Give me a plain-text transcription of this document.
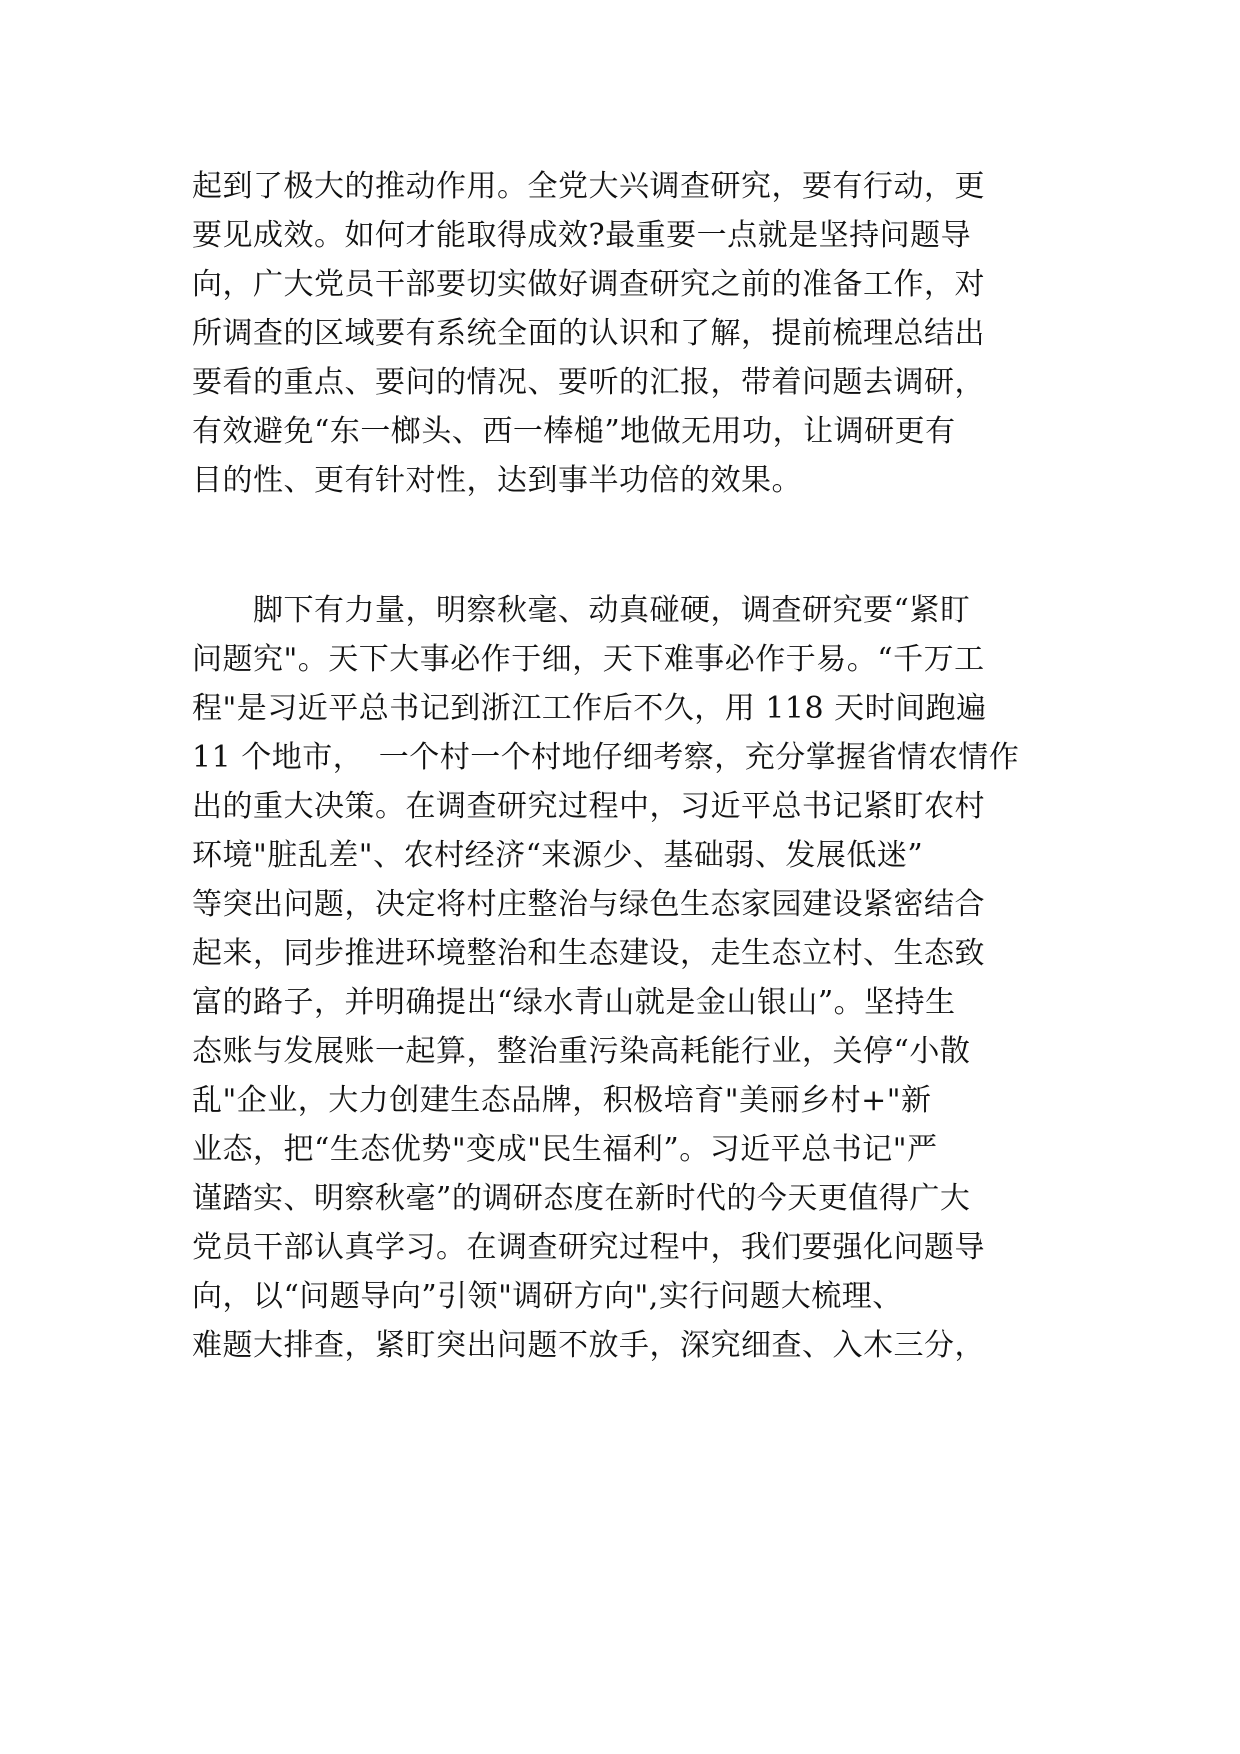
起到了极大的推动作用。全党大兴调查研究，要有行动，更
要见成效。如何才能取得成效?最重要一点就是坚持问题导
向，广大党员干部要切实做好调查研究之前的准备工作，对
所调查的区域要有系统全面的认识和了解，提前梳理总结出
要看的重点、要问的情况、要听的汇报，带着问题去调研，
有效避免“东一榔头、西一棒槌”地做无用功，让调研更有
目的性、更有针对性，达到事半功倍的效果。
　　脚下有力量，明察秋毫、动真碰硬，调查研究要“紧盯
问题究"。天下大事必作于细，天下难事必作于易。“千万工
程"是习近平总书记到浙江工作后不久，用 118 天时间跑遍
11 个地市，　一个村一个村地仔细考察，充分掌握省情农情作
出的重大决策。在调查研究过程中，习近平总书记紧盯农村
环境"脏乱差"、农村经济“来源少、基础弱、发展低迷”
等突出问题，决定将村庄整治与绿色生态家园建设紧密结合
起来，同步推进环境整治和生态建设，走生态立村、生态致
富的路子，并明确提出“绿水青山就是金山银山”。坚持生
态账与发展账一起算，整治重污染高耗能行业，关停“小散
乱"企业，大力创建生态品牌，积极培育"美丽乡村+"新
业态，把“生态优势"变成"民生福利”。习近平总书记"严
谨踏实、明察秋毫”的调研态度在新时代的今天更值得广大
党员干部认真学习。在调查研究过程中，我们要强化问题导
向，以“问题导向”引领"调研方向",实行问题大梳理、
难题大排查，紧盯突出问题不放手，深究细查、入木三分，
